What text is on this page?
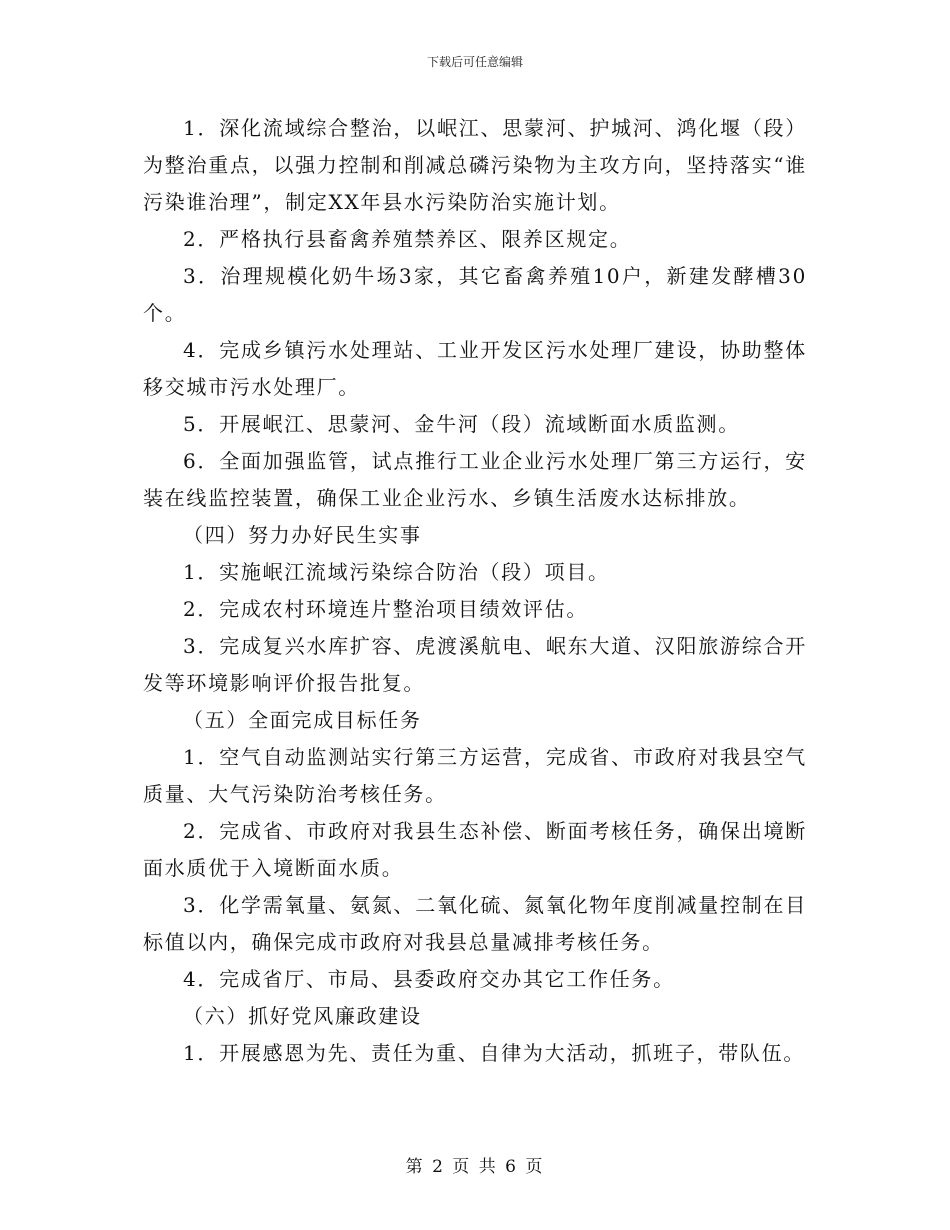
下载后可任意编辑

1．深化流域综合整治，以岷江、思蒙河、护城河、鸿化堰（段）为整治重点，以强力控制和削减总磷污染物为主攻方向，坚持落实“谁污染谁治理”，制定XX年县水污染防治实施计划。

2．严格执行县畜禽养殖禁养区、限养区规定。

3．治理规模化奶牛场3家，其它畜禽养殖10户，新建发酵槽30个。

4．完成乡镇污水处理站、工业开发区污水处理厂建设，协助整体移交城市污水处理厂。

5．开展岷江、思蒙河、金牛河（段）流域断面水质监测。

6．全面加强监管，试点推行工业企业污水处理厂第三方运行，安装在线监控装置，确保工业企业污水、乡镇生活废水达标排放。

（四）努力办好民生实事

1．实施岷江流域污染综合防治（段）项目。

2．完成农村环境连片整治项目绩效评估。

3．完成复兴水库扩容、虎渡溪航电、岷东大道、汉阳旅游综合开发等环境影响评价报告批复。

（五）全面完成目标任务

1．空气自动监测站实行第三方运营，完成省、市政府对我县空气质量、大气污染防治考核任务。

2．完成省、市政府对我县生态补偿、断面考核任务，确保出境断面水质优于入境断面水质。

3．化学需氧量、氨氮、二氧化硫、氮氧化物年度削减量控制在目标值以内，确保完成市政府对我县总量减排考核任务。

4．完成省厅、市局、县委政府交办其它工作任务。

（六）抓好党风廉政建设

1．开展感恩为先、责任为重、自律为大活动，抓班子，带队伍。

第 2 页 共 6 页
